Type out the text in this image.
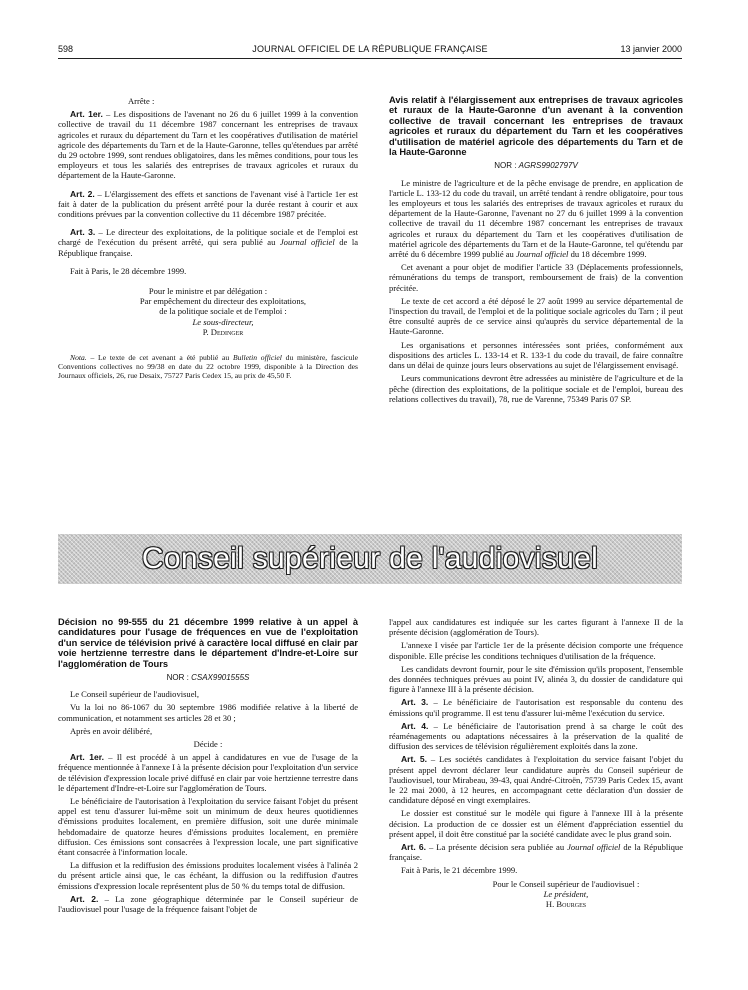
598	JOURNAL OFFICIEL DE LA RÉPUBLIQUE FRANÇAISE	13 janvier 2000

Arrête :

Art. 1er. – Les dispositions de l'avenant no 26 du 6 juillet 1999 à la convention collective de travail du 11 décembre 1987 concernant les entreprises de travaux agricoles et ruraux du département du Tarn et les coopératives d'utilisation de matériel agricole des départements du Tarn et de la Haute-Garonne, telles qu'étendues par arrêté du 29 octobre 1999, sont rendues obligatoires, dans les mêmes conditions, pour tous les employeurs et tous les salariés des entreprises de travaux agricoles et ruraux du département de la Haute-Garonne.

Art. 2. – L'élargissement des effets et sanctions de l'avenant visé à l'article 1er est fait à dater de la publication du présent arrêté pour la durée restant à courir et aux conditions prévues par la convention collective du 11 décembre 1987 précitée.

Art. 3. – Le directeur des exploitations, de la politique sociale et de l'emploi est chargé de l'exécution du présent arrêté, qui sera publié au Journal officiel de la République française.

Fait à Paris, le 28 décembre 1999.

Pour le ministre et par délégation :

Par empêchement du directeur des exploitations,

de la politique sociale et de l'emploi :

Le sous-directeur,

P. Dedinger

Nota. – Le texte de cet avenant a été publié au Bulletin officiel du ministère, fascicule Conventions collectives no 99/38 en date du 22 octobre 1999, disponible à la Direction des Journaux officiels, 26, rue Desaix, 75727 Paris Cedex 15, au prix de 45,50 F.

Avis relatif à l'élargissement aux entreprises de travaux agricoles et ruraux de la Haute-Garonne d'un avenant à la convention collective de travail concernant les entreprises de travaux agricoles et ruraux du département du Tarn et les coopératives d'utilisation de matériel agricole des départements du Tarn et de la Haute-Garonne
NOR : AGRS9902797V

Le ministre de l'agriculture et de la pêche envisage de prendre, en application de l'article L. 133-12 du code du travail, un arrêté tendant à rendre obligatoire, pour tous les employeurs et tous les salariés des entreprises de travaux agricoles et ruraux du département de la Haute-Garonne, l'avenant no 27 du 6 juillet 1999 à la convention collective de travail du 11 décembre 1987 concernant les entreprises de travaux agricoles et ruraux du département du Tarn et les coopératives d'utilisation de matériel agricole des départements du Tarn et de la Haute-Garonne, tel qu'étendu par arrêté du 6 décembre 1999 publié au Journal officiel du 18 décembre 1999.

Cet avenant a pour objet de modifier l'article 33 (Déplacements professionnels, rémunérations du temps de transport, remboursement de frais) de la convention précitée.

Le texte de cet accord a été déposé le 27 août 1999 au service départemental de l'inspection du travail, de l'emploi et de la politique sociale agricoles du Tarn ; il peut être consulté auprès de ce service ainsi qu'auprès du service départemental de la Haute-Garonne.

Les organisations et personnes intéressées sont priées, conformément aux dispositions des articles L. 133-14 et R. 133-1 du code du travail, de faire connaître dans un délai de quinze jours leurs observations au sujet de l'élargissement envisagé.

Leurs communications devront être adressées au ministère de l'agriculture et de la pêche (direction des exploitations, de la politique sociale et de l'emploi, bureau des relations collectives du travail), 78, rue de Varenne, 75349 Paris 07 SP.

Conseil supérieur de l'audiovisuel
Décision no 99-555 du 21 décembre 1999 relative à un appel à candidatures pour l'usage de fréquences en vue de l'exploitation d'un service de télévision privé à caractère local diffusé en clair par voie hertzienne terrestre dans le département d'Indre-et-Loire sur l'agglomération de Tours
NOR : CSAX9901555S

Le Conseil supérieur de l'audiovisuel,

Vu la loi no 86-1067 du 30 septembre 1986 modifiée relative à la liberté de communication, et notamment ses articles 28 et 30 ;

Après en avoir délibéré,

Décide :

Art. 1er. – Il est procédé à un appel à candidatures en vue de l'usage de la fréquence mentionnée à l'annexe I à la présente décision pour l'exploitation d'un service de télévision d'expression locale privé diffusé en clair par voie hertzienne terrestre dans le département d'Indre-et-Loire sur l'agglomération de Tours.

Le bénéficiaire de l'autorisation à l'exploitation du service faisant l'objet du présent appel est tenu d'assurer lui-même soit un minimum de deux heures quotidiennes d'émissions produites localement, en première diffusion, soit une durée minimale hebdomadaire de quatorze heures d'émissions produites localement, en première diffusion. Ces émissions sont consacrées à l'expression locale, une part significative étant consacrée à l'information locale.

La diffusion et la rediffusion des émissions produites localement visées à l'alinéa 2 du présent article ainsi que, le cas échéant, la diffusion ou la rediffusion d'autres émissions d'expression locale représentent plus de 50 % du temps total de diffusion.

Art. 2. – La zone géographique déterminée par le Conseil supérieur de l'audiovisuel pour l'usage de la fréquence faisant l'objet de

l'appel aux candidatures est indiquée sur les cartes figurant à l'annexe II de la présente décision (agglomération de Tours).

L'annexe I visée par l'article 1er de la présente décision comporte une fréquence disponible. Elle précise les conditions techniques d'utilisation de la fréquence.

Les candidats devront fournir, pour le site d'émission qu'ils proposent, l'ensemble des données techniques prévues au point IV, alinéa 3, du dossier de candidature qui figure à l'annexe III à la présente décision.

Art. 3. – Le bénéficiaire de l'autorisation est responsable du contenu des émissions qu'il programme. Il est tenu d'assurer lui-même l'exécution du service.

Art. 4. – Le bénéficiaire de l'autorisation prend à sa charge le coût des réaménagements ou adaptations nécessaires à la préservation de la qualité de diffusion des services de télévision régulièrement exploités dans la zone.

Art. 5. – Les sociétés candidates à l'exploitation du service faisant l'objet du présent appel devront déclarer leur candidature auprès du Conseil supérieur de l'audiovisuel, tour Mirabeau, 39-43, quai André-Citroën, 75739 Paris Cedex 15, avant le 22 mai 2000, à 12 heures, en accompagnant cette déclaration d'un dossier de candidature déposé en vingt exemplaires.

Le dossier est constitué sur le modèle qui figure à l'annexe III à la présente décision. La production de ce dossier est un élément d'appréciation essentiel du présent appel, il doit être constitué par la société candidate avec le plus grand soin.

Art. 6. – La présente décision sera publiée au Journal officiel de la République française.

Fait à Paris, le 21 décembre 1999.

Pour le Conseil supérieur de l'audiovisuel :

Le président,

H. Bourges
